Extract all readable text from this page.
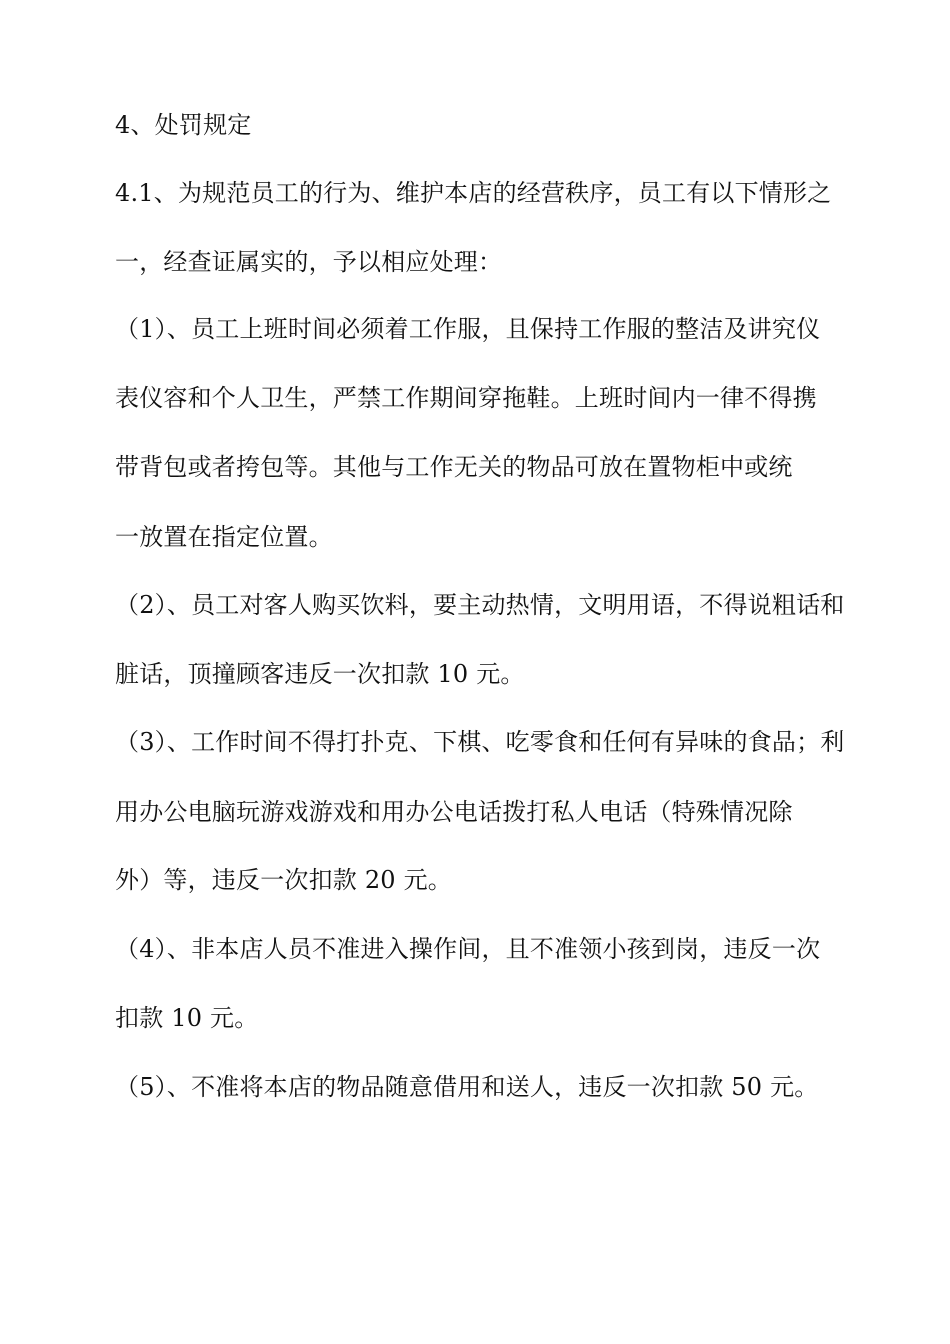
4、处罚规定
4.1、为规范员工的行为、维护本店的经营秩序，员工有以下情形之
一，经查证属实的，予以相应处理：
（1）、员工上班时间必须着工作服，且保持工作服的整洁及讲究仪
表仪容和个人卫生，严禁工作期间穿拖鞋。上班时间内一律不得携
带背包或者挎包等。其他与工作无关的物品可放在置物柜中或统
一放置在指定位置。
（2）、员工对客人购买饮料，要主动热情，文明用语，不得说粗话和
脏话，顶撞顾客违反一次扣款 10 元。
（3）、工作时间不得打扑克、下棋、吃零食和任何有异味的食品；利
用办公电脑玩游戏游戏和用办公电话拨打私人电话（特殊情况除
外）等，违反一次扣款 20 元。
（4）、非本店人员不准进入操作间，且不准领小孩到岗，违反一次
扣款 10 元。
（5）、不准将本店的物品随意借用和送人，违反一次扣款 50 元。
